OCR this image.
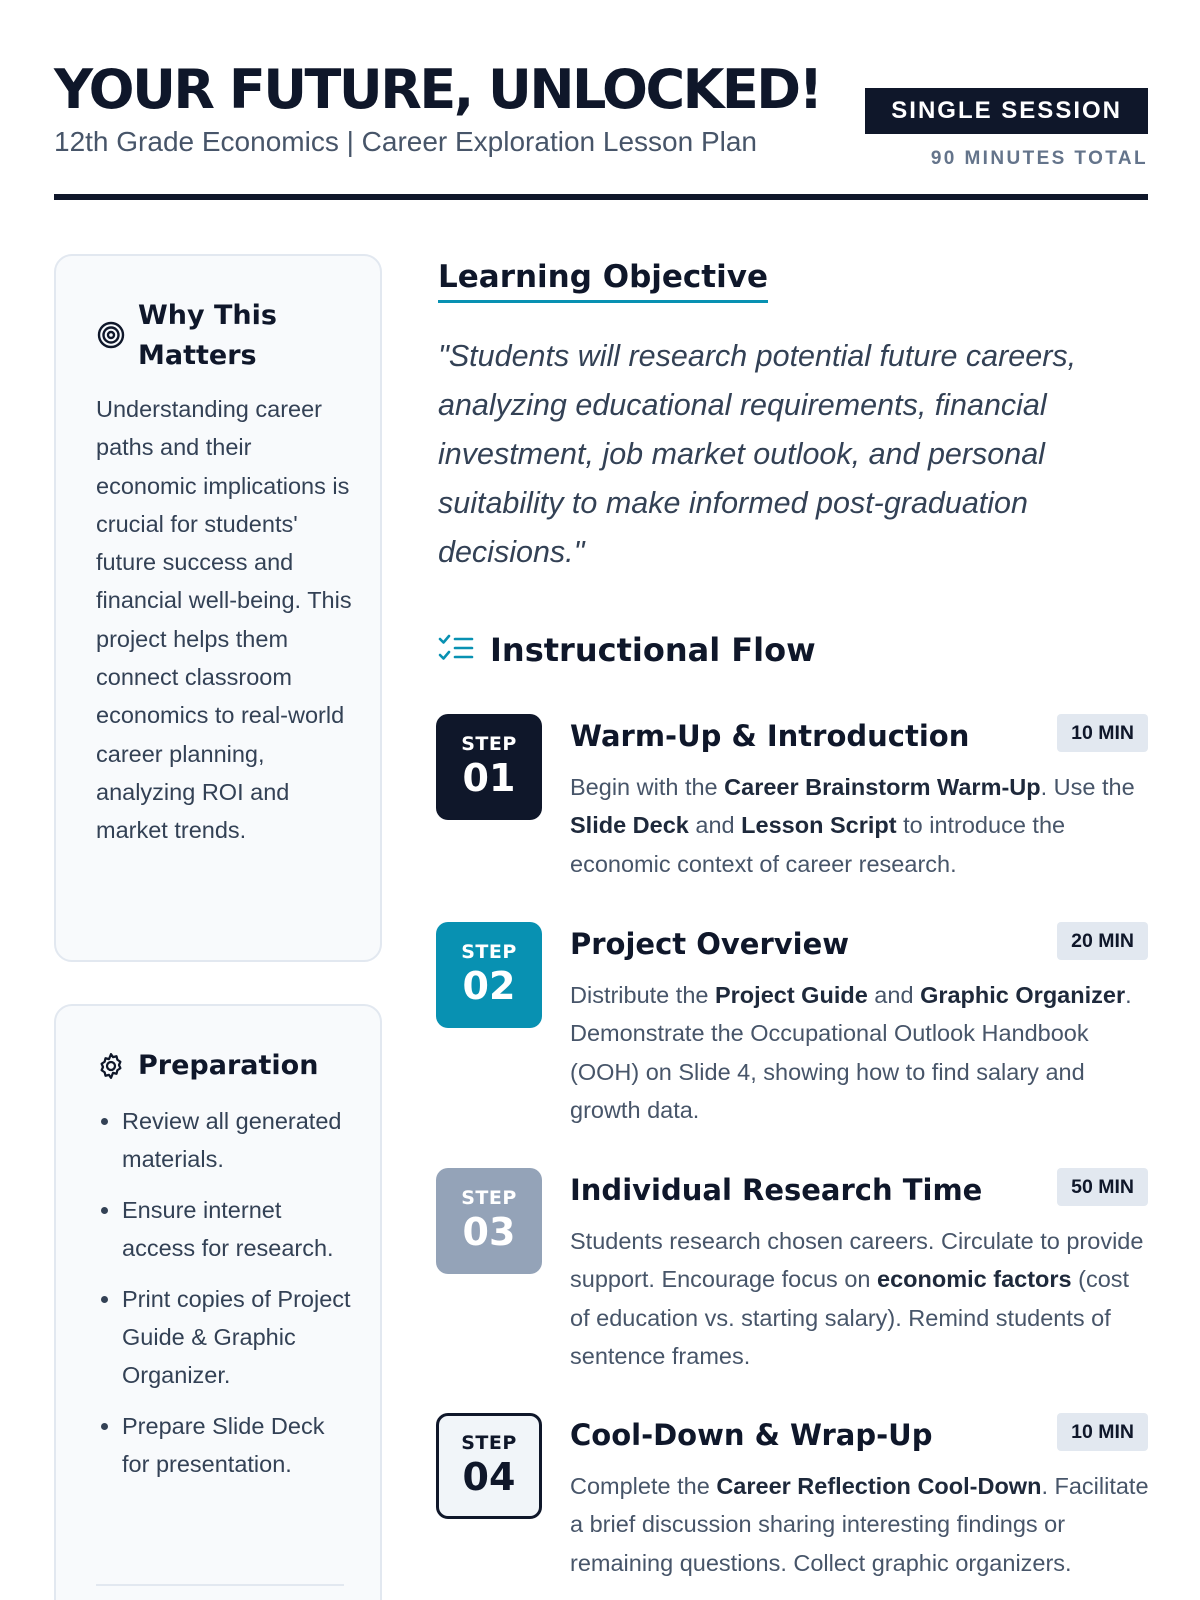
YOUR FUTURE, UNLOCKED!
12th Grade Economics | Career Exploration Lesson Plan
SINGLE SESSION
90 MINUTES TOTAL
Why This Matters

Understanding career paths and their economic implications is crucial for students' future success and financial well-being. This project helps them connect classroom economics to real-world career planning, analyzing ROI and market trends.

Preparation
• Review all generated materials.
• Ensure internet access for research.
• Print copies of Project Guide & Graphic Organizer.
• Prepare Slide Deck for presentation.
Learning Objective

"Students will research potential future careers, analyzing educational requirements, financial investment, job market outlook, and personal suitability to make informed post-graduation decisions."

Instructional Flow
STEP
01
Warm-Up & Introduction	10 MIN

Begin with the Career Brainstorm Warm-Up. Use the Slide Deck and Lesson Script to introduce the economic context of career research.

STEP
02
Project Overview	20 MIN

Distribute the Project Guide and Graphic Organizer. Demonstrate the Occupational Outlook Handbook (OOH) on Slide 4, showing how to find salary and growth data.

STEP
03
Individual Research Time	50 MIN

Students research chosen careers. Circulate to provide support. Encourage focus on economic factors (cost of education vs. starting salary). Remind students of sentence frames.

STEP
04
Cool-Down & Wrap-Up	10 MIN

Complete the Career Reflection Cool-Down. Facilitate a brief discussion sharing interesting findings or remaining questions. Collect graphic organizers.
